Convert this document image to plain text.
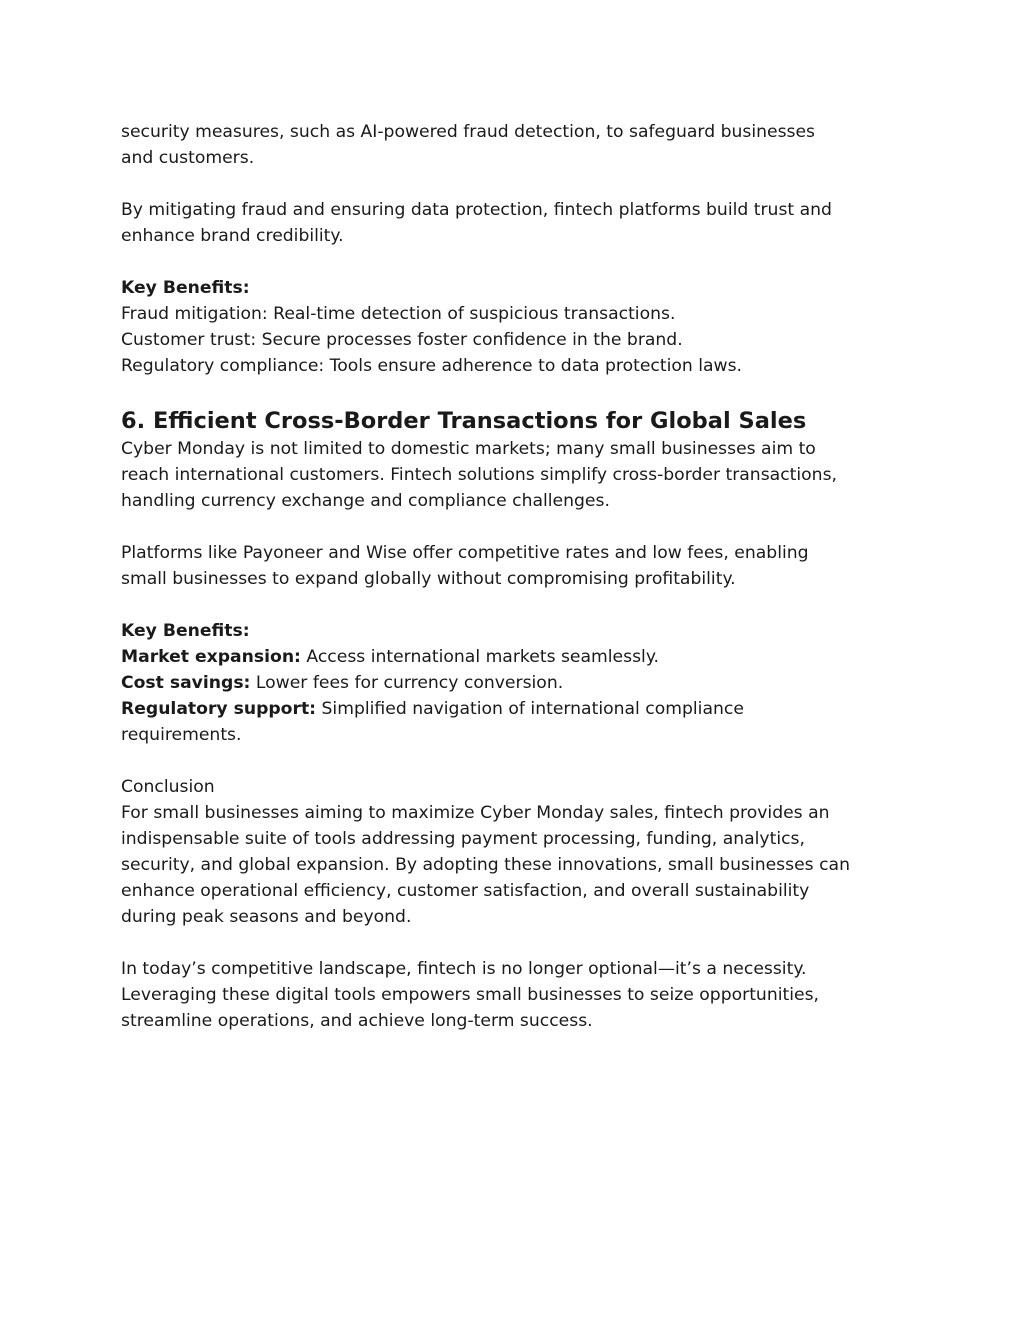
security measures, such as AI-powered fraud detection, to safeguard businesses
and customers.

By mitigating fraud and ensuring data protection, fintech platforms build trust and
enhance brand credibility.

Key Benefits:
Fraud mitigation: Real-time detection of suspicious transactions.
Customer trust: Secure processes foster confidence in the brand.
Regulatory compliance: Tools ensure adherence to data protection laws.
6. Efficient Cross-Border Transactions for Global Sales

Cyber Monday is not limited to domestic markets; many small businesses aim to
reach international customers. Fintech solutions simplify cross-border transactions,
handling currency exchange and compliance challenges.

Platforms like Payoneer and Wise offer competitive rates and low fees, enabling
small businesses to expand globally without compromising profitability.

Key Benefits:
Market expansion: Access international markets seamlessly.
Cost savings: Lower fees for currency conversion.
Regulatory support: Simplified navigation of international compliance
requirements.
Conclusion
For small businesses aiming to maximize Cyber Monday sales, fintech provides an
indispensable suite of tools addressing payment processing, funding, analytics,
security, and global expansion. By adopting these innovations, small businesses can
enhance operational efficiency, customer satisfaction, and overall sustainability
during peak seasons and beyond.

In today’s competitive landscape, fintech is no longer optional—it’s a necessity.
Leveraging these digital tools empowers small businesses to seize opportunities,
streamline operations, and achieve long-term success.
